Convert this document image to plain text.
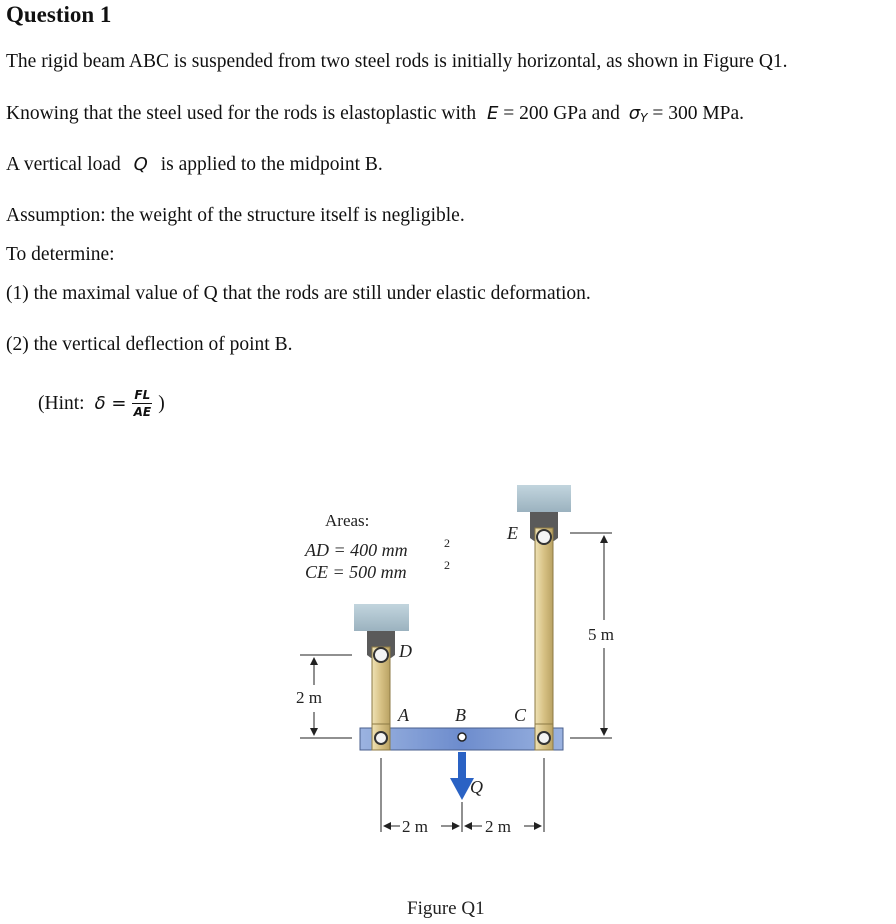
Question 1
The rigid beam ABC is suspended from two steel rods is initially horizontal, as shown in Figure Q1.
Knowing that the steel used for the rods is elastoplastic with E = 200 GPa and $\sigma_Y = 300$ MPa.
A vertical load Q is applied to the midpoint B.
Assumption: the weight of the structure itself is negligible.
To determine:
(1) the maximal value of Q that the rods are still under elastic deformation.
(2) the vertical deflection of point B.
(Hint: $\delta = \frac{FL}{AE}$ )
Areas:
AD = 400 mm	2
CE = 500 mm	2
E
D
A	B	C
Q
5 m
2 m
2 m	2 m
Figure Q1
